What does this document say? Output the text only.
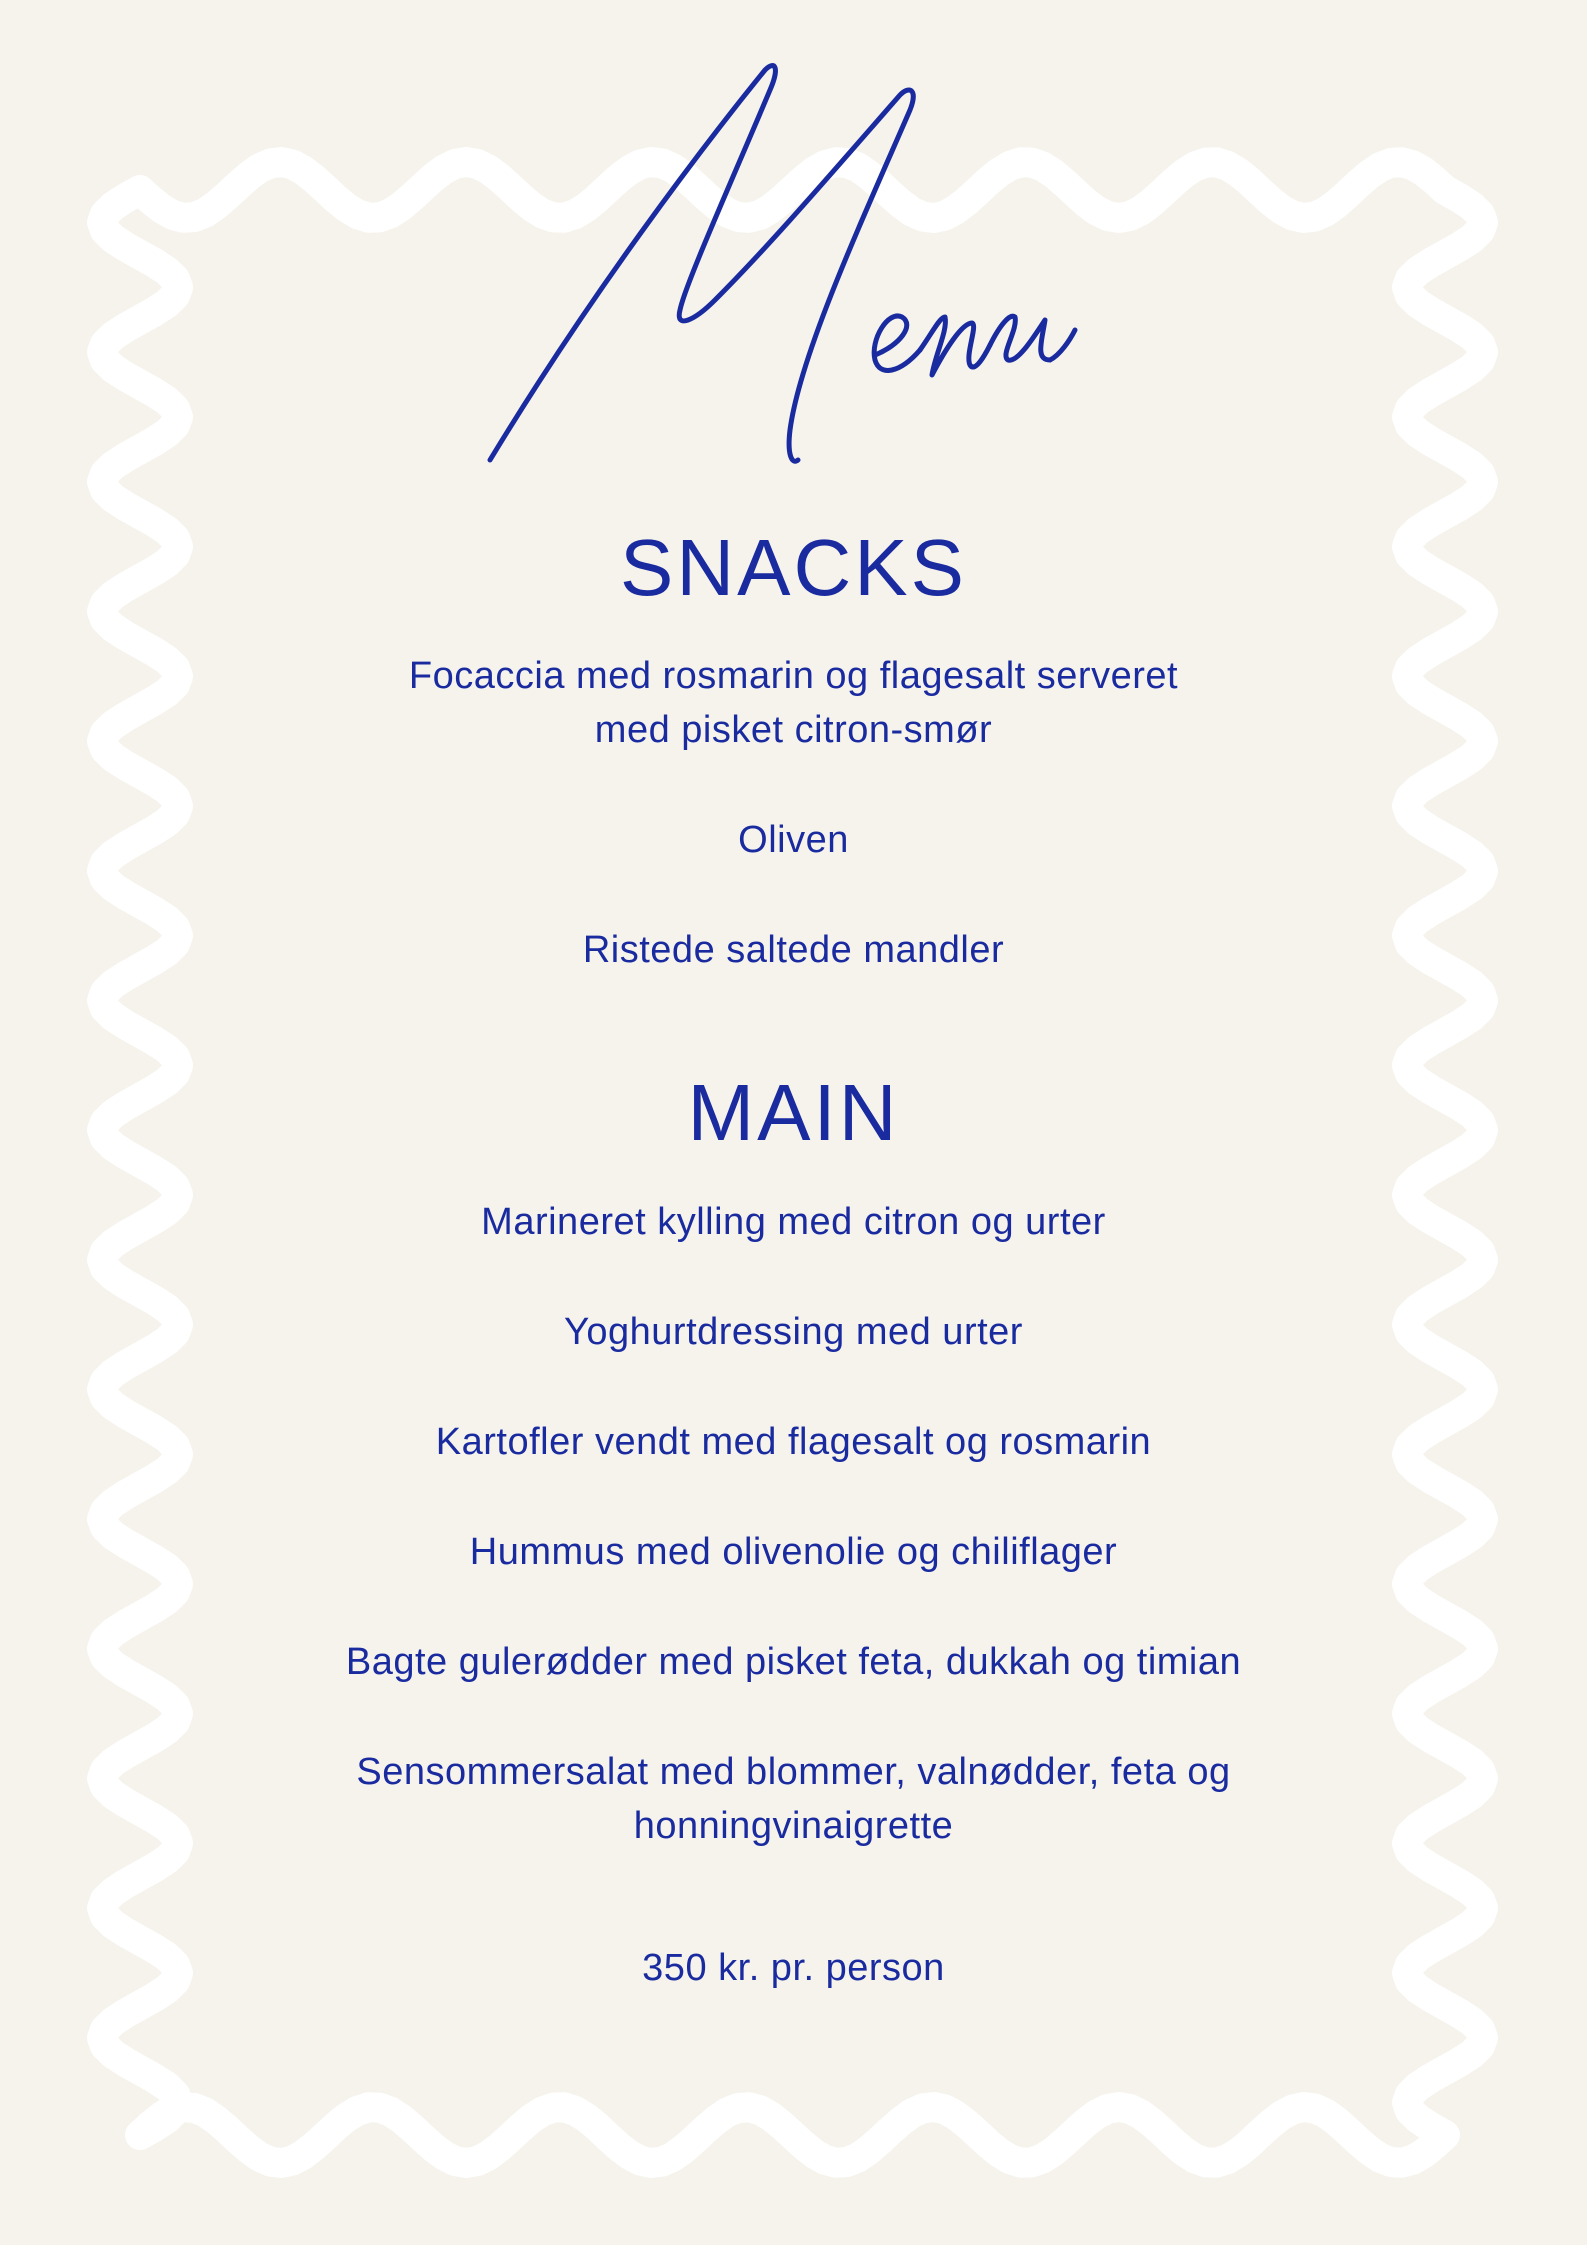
SNACKS
Focaccia med rosmarin og flagesalt serveret
med pisket citron-smør
Oliven
Ristede saltede mandler
MAIN
Marineret kylling med citron og urter
Yoghurtdressing med urter
Kartofler vendt med flagesalt og rosmarin
Hummus med olivenolie og chiliflager
Bagte gulerødder med pisket feta, dukkah og timian
Sensommersalat med blommer, valnødder, feta og
honningvinaigrette
350 kr. pr. person
